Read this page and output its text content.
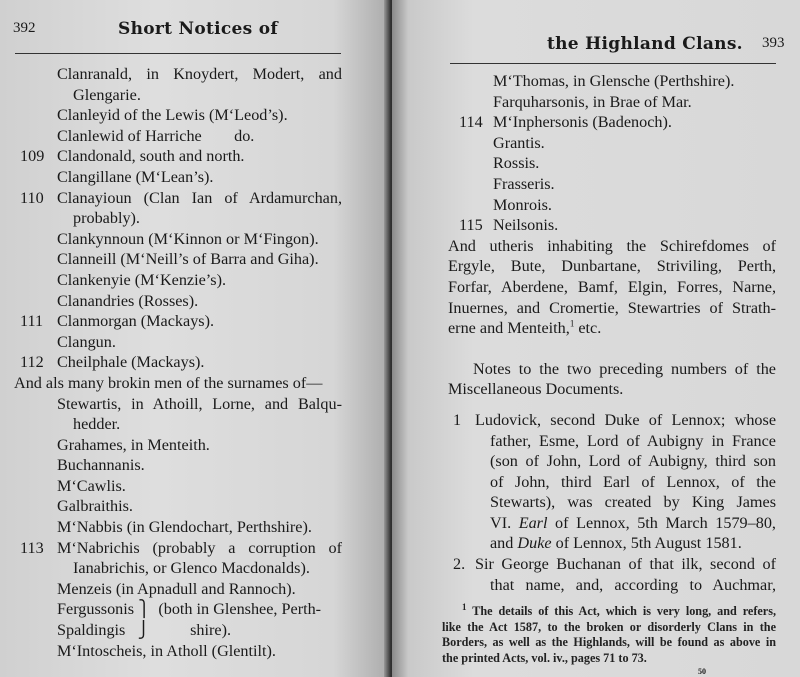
392	Short Notices of
Clanranald, in Knoydert, Modert, and
Glengarie.
Clanleyid of the Lewis (M‘Leod’s).
Clanlewid of Harriche        do.
109 Clandonald, south and north.
Clangillane (M‘Lean’s).
110 Clanayioun (Clan Ian of Ardamurchan,
probably).
Clankynnoun (M‘Kinnon or M‘Fingon).
Clanneill (M‘Neill’s of Barra and Giha).
Clankenyie (M‘Kenzie’s).
Clanandries (Rosses).
111 Clanmorgan (Mackays).
Clangun.
112 Cheilphale (Mackays).
And als many brokin men of the surnames of—
Stewartis, in Athoill, Lorne, and Balqu-
hedder.
Grahames, in Menteith.
Buchannanis.
M‘Cawlis.
Galbraithis.
M‘Nabbis (in Glendochart, Perthshire).
113 M‘Nabrichis (probably a corruption of
Ianabrichis, or Glenco Macdonalds).
Menzeis (in Apnadull and Rannoch).
Fergussonis ⎫  (both in Glenshee, Perth-
Spaldingis   ⎭          shire).
M‘Intoscheis, in Atholl (Glentilt).
the Highland Clans. 393
M‘Thomas, in Glensche (Perthshire).
Farquharsonis, in Brae of Mar.
114 M‘Inphersonis (Badenoch).
Grantis.
Rossis.
Frasseris.
Monrois.
115 Neilsonis.
And utheris inhabiting the Schirefdomes of
Ergyle, Bute, Dunbartane, Striviling, Perth,
Forfar, Aberdene, Bamf, Elgin, Forres, Narne,
Inuernes, and Cromertie, Stewartries of Strath-
erne and Menteith,$^1$ etc.
Notes to the two preceding numbers of the
Miscellaneous Documents.
1 Ludovick, second Duke of Lennox; whose
father, Esme, Lord of Aubigny in France
(son of John, Lord of Aubigny, third son
of John, third Earl of Lennox, of the
Stewarts), was created by King James
VI. Earl of Lennox, 5th March 1579–80,
and Duke of Lennox, 5th August 1581.
2. Sir George Buchanan of that ilk, second of
that name, and, according to Auchmar,
$^1$ The details of this Act, which is very long, and refers,
like the Act 1587, to the broken or disorderly Clans in the
Borders, as well as the Highlands, will be found as above in
the printed Acts, vol. iv., pages 71 to 73.
50
